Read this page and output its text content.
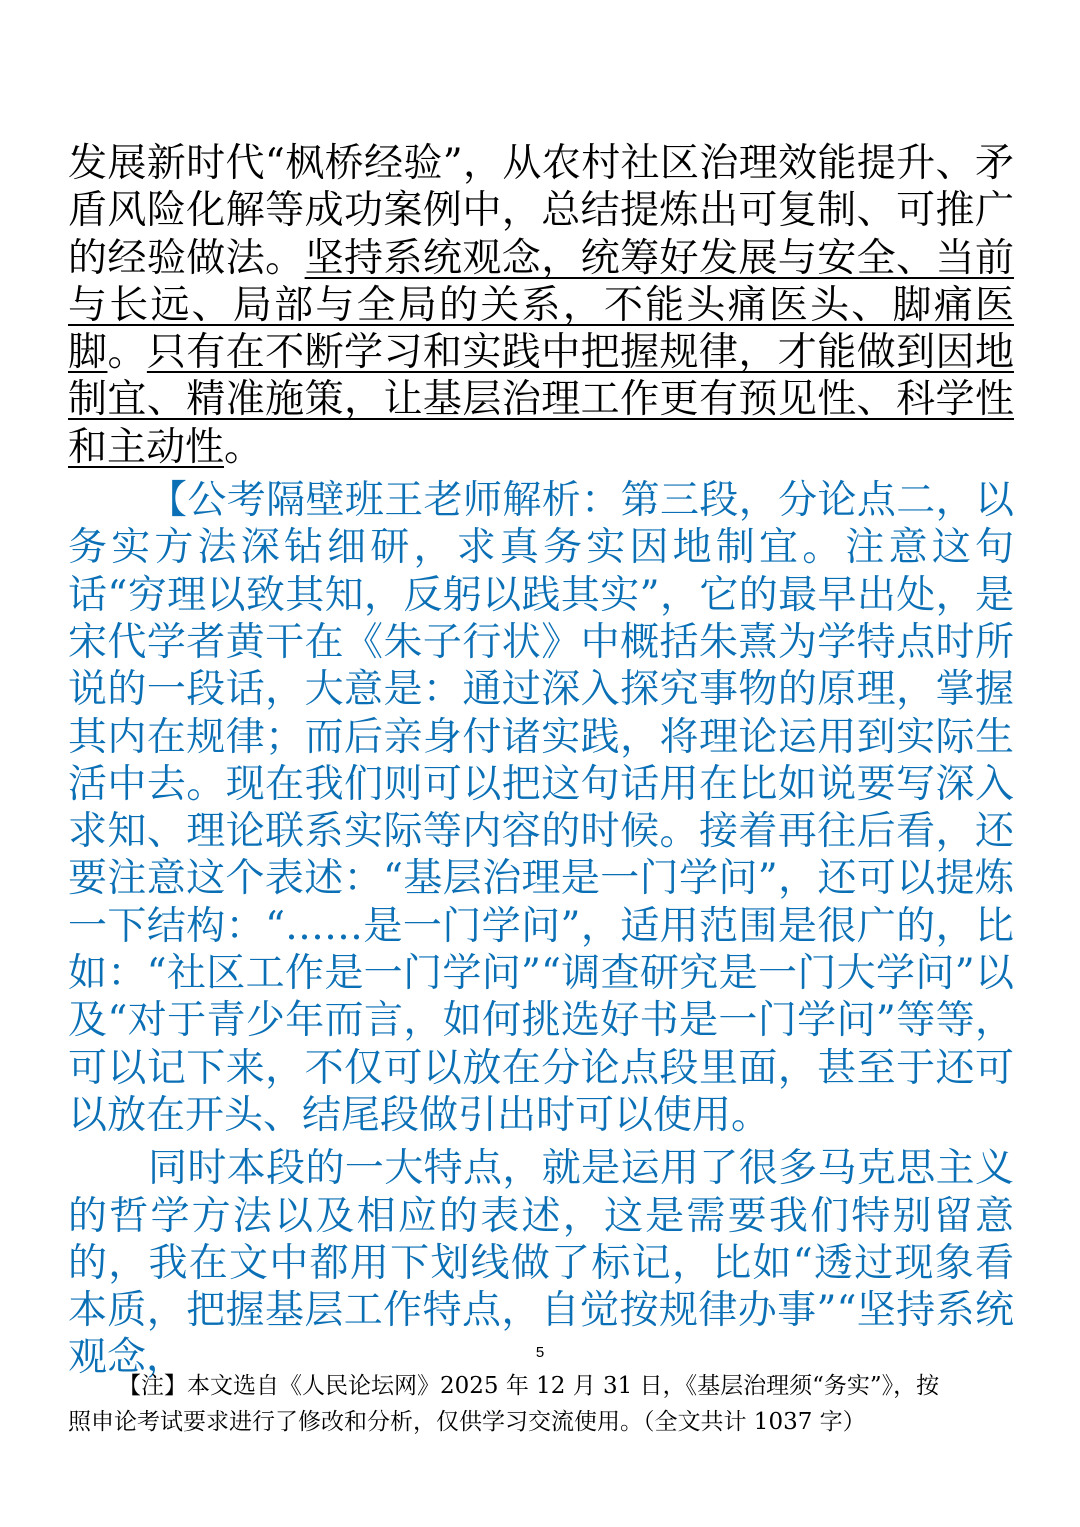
发展新时代“枫桥经验”，从农村社区治理效能提升、矛盾风险化解等成功案例中，总结提炼出可复制、可推广的经验做法。坚持系统观念，统筹好发展与安全、当前与长远、局部与全局的关系，不能头痛医头、脚痛医脚。只有在不断学习和实践中把握规律，才能做到因地制宜、精准施策，让基层治理工作更有预见性、科学性和主动性。

【公考隔壁班王老师解析：第三段，分论点二，以务实方法深钻细研，求真务实因地制宜。注意这句话“穷理以致其知，反躬以践其实”，它的最早出处，是宋代学者黄干在《朱子行状》中概括朱熹为学特点时所说的一段话，大意是：通过深入探究事物的原理，掌握其内在规律；而后亲身付诸实践，将理论运用到实际生活中去。现在我们则可以把这句话用在比如说要写深入求知、理论联系实际等内容的时候。接着再往后看，还要注意这个表述：“基层治理是一门学问”，还可以提炼一下结构：“……是一门学问”，适用范围是很广的，比如：“社区工作是一门学问”“调查研究是一门大学问”以及“对于青少年而言，如何挑选好书是一门学问”等等，可以记下来，不仅可以放在分论点段里面，甚至于还可以放在开头、结尾段做引出时可以使用。

同时本段的一大特点，就是运用了很多马克思主义的哲学方法以及相应的表述，这是需要我们特别留意的，我在文中都用下划线做了标记，比如“透过现象看本质，把握基层工作特点，自觉按规律办事”“坚持系统观念，	5
【注】本文选自《人民论坛网》2025 年 12 月 31 日，《基层治理须“务实”》，按
照申论考试要求进行了修改和分析，仅供学习交流使用。（全文共计 1037 字）
